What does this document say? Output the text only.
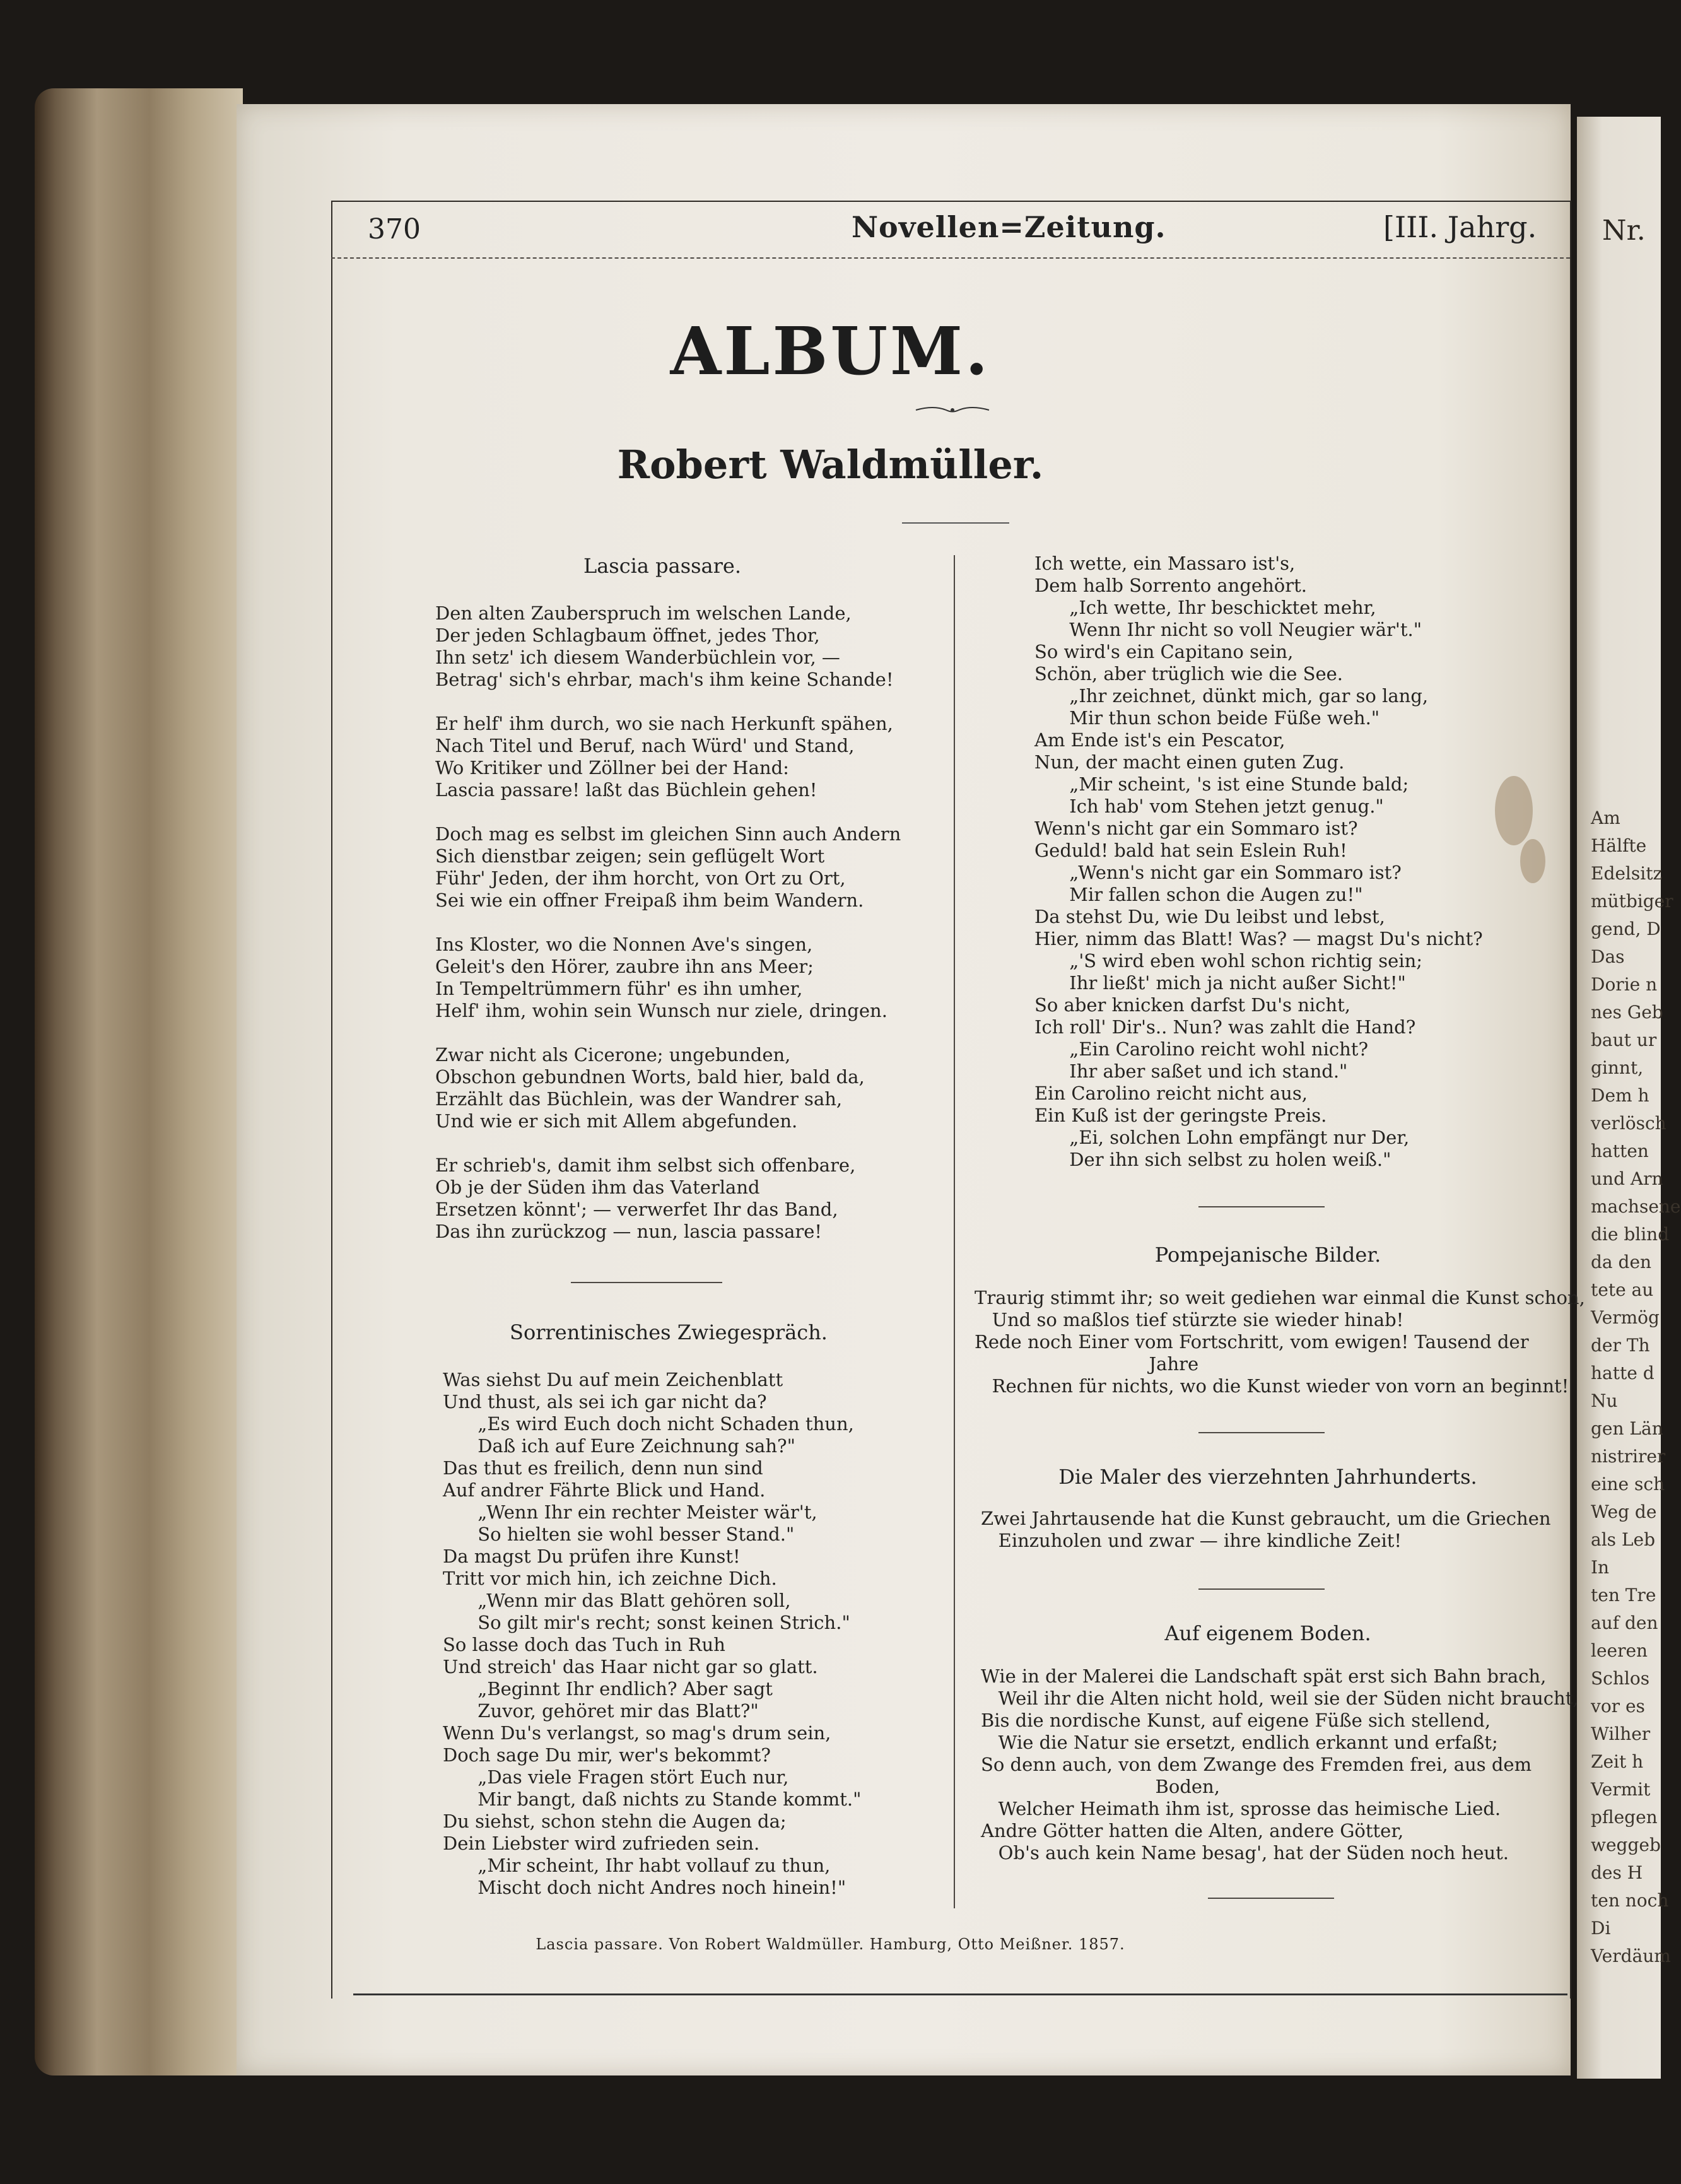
Nr.
Am
Hälfte
Edelsitz
mütbiger
gend, D
Das
Dorie n
nes Geb
baut ur
ginnt,
Dem h
verlösch
hatten
und Arn
machsene
die blind
da den
tete au
Vermög
der Th
hatte d
Nu
gen Län
nistrirer
eine sch
Weg de
als Leb
In
ten Tre
auf den
leeren
Schlos
vor es
Wilher
Zeit h
Vermit
pflegen
weggeb
des H
ten noch
Di
Verdäum
370	Novellen=Zeitung.	[III. Jahrg.
ALBUM.
Robert Waldmüller.
Lascia passare.
Den alten Zauberspruch im welschen Lande,
Der jeden Schlagbaum öffnet, jedes Thor,
Ihn setz' ich diesem Wanderbüchlein vor, —
Betrag' sich's ehrbar, mach's ihm keine Schande!

Er helf' ihm durch, wo sie nach Herkunft spähen,
Nach Titel und Beruf, nach Würd' und Stand,
Wo Kritiker und Zöllner bei der Hand:
Lascia passare! laßt das Büchlein gehen!

Doch mag es selbst im gleichen Sinn auch Andern
Sich dienstbar zeigen; sein geflügelt Wort
Führ' Jeden, der ihm horcht, von Ort zu Ort,
Sei wie ein offner Freipaß ihm beim Wandern.

Ins Kloster, wo die Nonnen Ave's singen,
Geleit's den Hörer, zaubre ihn ans Meer;
In Tempeltrümmern führ' es ihn umher,
Helf' ihm, wohin sein Wunsch nur ziele, dringen.

Zwar nicht als Cicerone; ungebunden,
Obschon gebundnen Worts, bald hier, bald da,
Erzählt das Büchlein, was der Wandrer sah,
Und wie er sich mit Allem abgefunden.

Er schrieb's, damit ihm selbst sich offenbare,
Ob je der Süden ihm das Vaterland
Ersetzen könnt'; — verwerfet Ihr das Band,
Das ihn zurückzog — nun, lascia passare!
Sorrentinisches Zwiegespräch.
Was siehst Du auf mein Zeichenblatt
Und thust, als sei ich gar nicht da?
„Es wird Euch doch nicht Schaden thun,
Daß ich auf Eure Zeichnung sah?"
Das thut es freilich, denn nun sind
Auf andrer Fährte Blick und Hand.
„Wenn Ihr ein rechter Meister wär't,
So hielten sie wohl besser Stand."
Da magst Du prüfen ihre Kunst!
Tritt vor mich hin, ich zeichne Dich.
„Wenn mir das Blatt gehören soll,
So gilt mir's recht; sonst keinen Strich."
So lasse doch das Tuch in Ruh
Und streich' das Haar nicht gar so glatt.
„Beginnt Ihr endlich? Aber sagt
Zuvor, gehöret mir das Blatt?"
Wenn Du's verlangst, so mag's drum sein,
Doch sage Du mir, wer's bekommt?
„Das viele Fragen stört Euch nur,
Mir bangt, daß nichts zu Stande kommt."
Du siehst, schon stehn die Augen da;
Dein Liebster wird zufrieden sein.
„Mir scheint, Ihr habt vollauf zu thun,
Mischt doch nicht Andres noch hinein!"
Ich wette, ein Massaro ist's,
Dem halb Sorrento angehört.
„Ich wette, Ihr beschicktet mehr,
Wenn Ihr nicht so voll Neugier wär't."
So wird's ein Capitano sein,
Schön, aber trüglich wie die See.
„Ihr zeichnet, dünkt mich, gar so lang,
Mir thun schon beide Füße weh."
Am Ende ist's ein Pescator,
Nun, der macht einen guten Zug.
„Mir scheint, 's ist eine Stunde bald;
Ich hab' vom Stehen jetzt genug."
Wenn's nicht gar ein Sommaro ist?
Geduld! bald hat sein Eslein Ruh!
„Wenn's nicht gar ein Sommaro ist?
Mir fallen schon die Augen zu!"
Da stehst Du, wie Du leibst und lebst,
Hier, nimm das Blatt! Was? — magst Du's nicht?
„'S wird eben wohl schon richtig sein;
Ihr ließt' mich ja nicht außer Sicht!"
So aber knicken darfst Du's nicht,
Ich roll' Dir's.. Nun? was zahlt die Hand?
„Ein Carolino reicht wohl nicht?
Ihr aber saßet und ich stand."
Ein Carolino reicht nicht aus,
Ein Kuß ist der geringste Preis.
„Ei, solchen Lohn empfängt nur Der,
Der ihn sich selbst zu holen weiß."
Pompejanische Bilder.
Traurig stimmt ihr; so weit gediehen war einmal die Kunst schon,
Und so maßlos tief stürzte sie wieder hinab!
Rede noch Einer vom Fortschritt, vom ewigen! Tausend der
Jahre
Rechnen für nichts, wo die Kunst wieder von vorn an beginnt!
Die Maler des vierzehnten Jahrhunderts.
Zwei Jahrtausende hat die Kunst gebraucht, um die Griechen
Einzuholen und zwar — ihre kindliche Zeit!
Auf eigenem Boden.
Wie in der Malerei die Landschaft spät erst sich Bahn brach,
Weil ihr die Alten nicht hold, weil sie der Süden nicht braucht,
Bis die nordische Kunst, auf eigene Füße sich stellend,
Wie die Natur sie ersetzt, endlich erkannt und erfaßt;
So denn auch, von dem Zwange des Fremden frei, aus dem
Boden,
Welcher Heimath ihm ist, sprosse das heimische Lied.
Andre Götter hatten die Alten, andere Götter,
Ob's auch kein Name besag', hat der Süden noch heut.
Lascia passare. Von Robert Waldmüller. Hamburg, Otto Meißner. 1857.
